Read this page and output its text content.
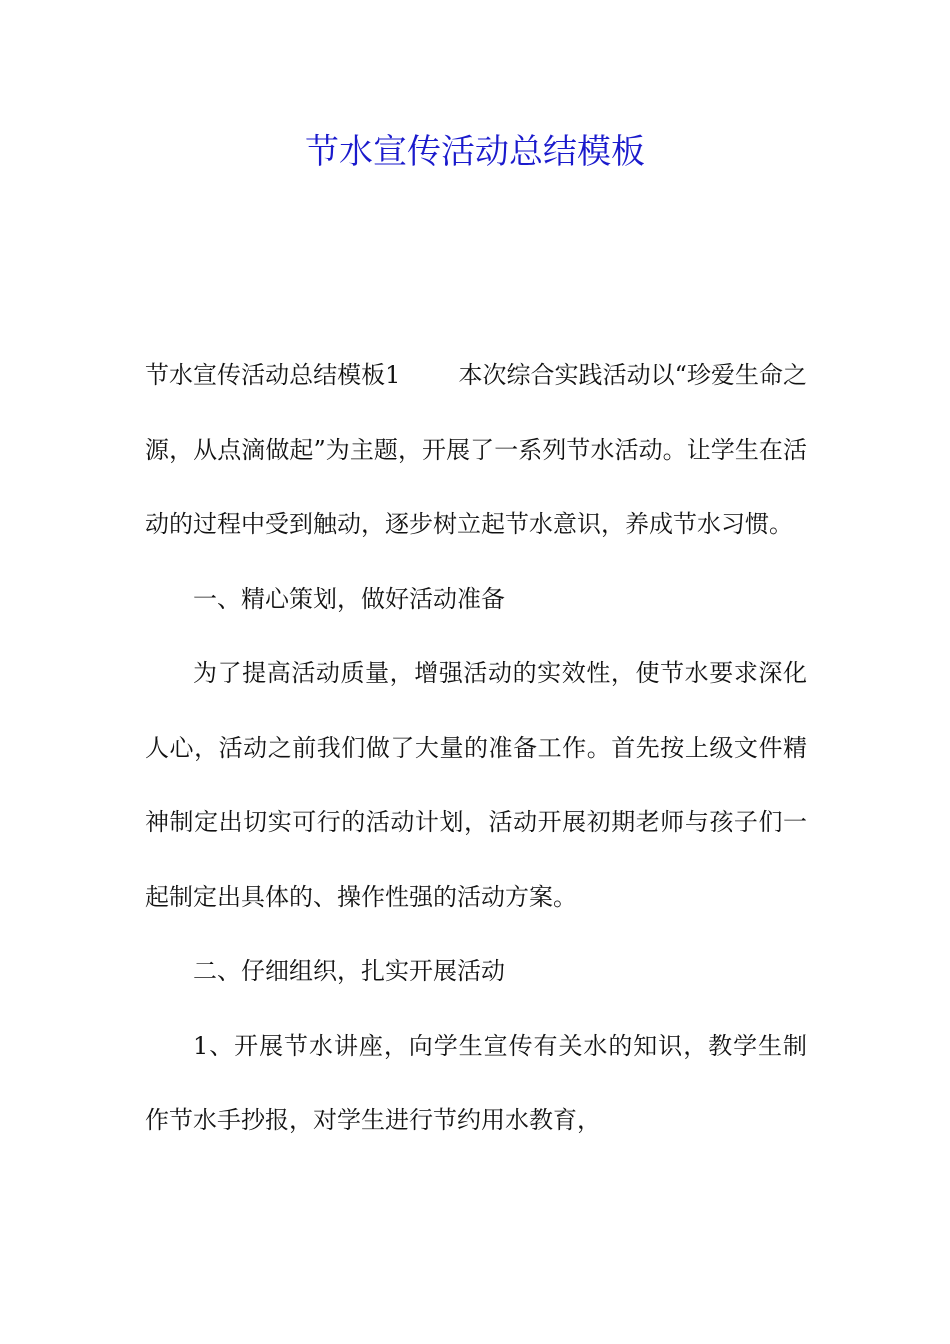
节水宣传活动总结模板

节水宣传活动总结模板1 本次综合实践活动以“珍爱生命之源，从点滴做起”为主题，开展了一系列节水活动。让学生在活动的过程中受到触动，逐步树立起节水意识，养成节水习惯。

一、精心策划，做好活动准备

为了提高活动质量，增强活动的实效性，使节水要求深化人心，活动之前我们做了大量的准备工作。首先按上级文件精神制定出切实可行的活动计划，活动开展初期老师与孩子们一起制定出具体的、操作性强的活动方案。

二、仔细组织，扎实开展活动

1、开展节水讲座，向学生宣传有关水的知识，教学生制作节水手抄报，对学生进行节约用水教育，
